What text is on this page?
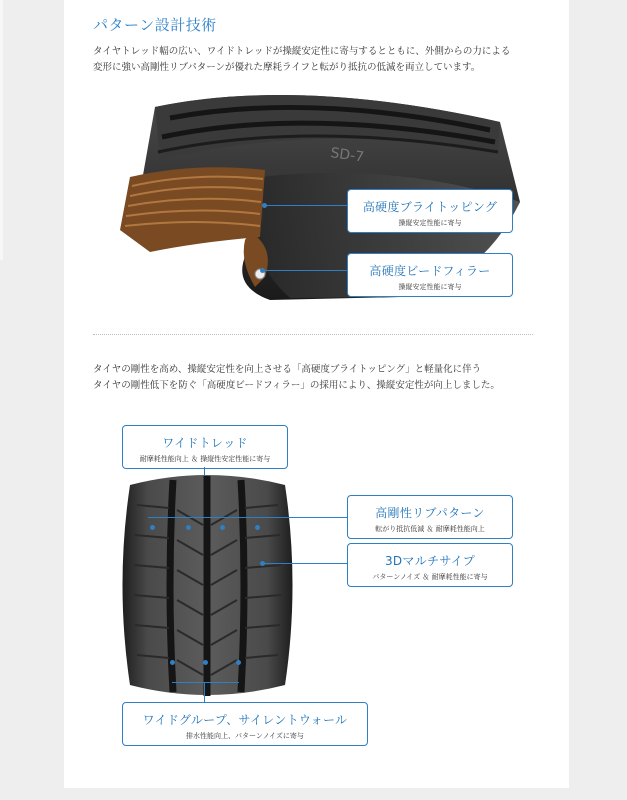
パターン設計技術
タイヤトレッド幅の広い、ワイドトレッドが操縦安定性に寄与するとともに、外側からの力による
変形に強い高剛性リブパターンが優れた摩耗ライフと転がり抵抗の低減を両立しています。
SD-7
高硬度ブライトッピング
操縦安定性能に寄与
高硬度ビードフィラー
操縦安定性能に寄与
タイヤの剛性を高め、操縦安定性を向上させる「高硬度ブライトッピング」と軽量化に伴う
タイヤの剛性低下を防ぐ「高硬度ビードフィラー」の採用により、操縦安定性が向上しました。
ワイドトレッド
耐摩耗性能向上 ＆ 操縦性安定性能に寄与
高剛性リブパターン
転がり抵抗低減 ＆ 耐摩耗性能向上
3Dマルチサイプ
パターンノイズ ＆ 耐摩耗性能に寄与
ワイドグループ、サイレントウォール
排水性能向上、パターンノイズに寄与
